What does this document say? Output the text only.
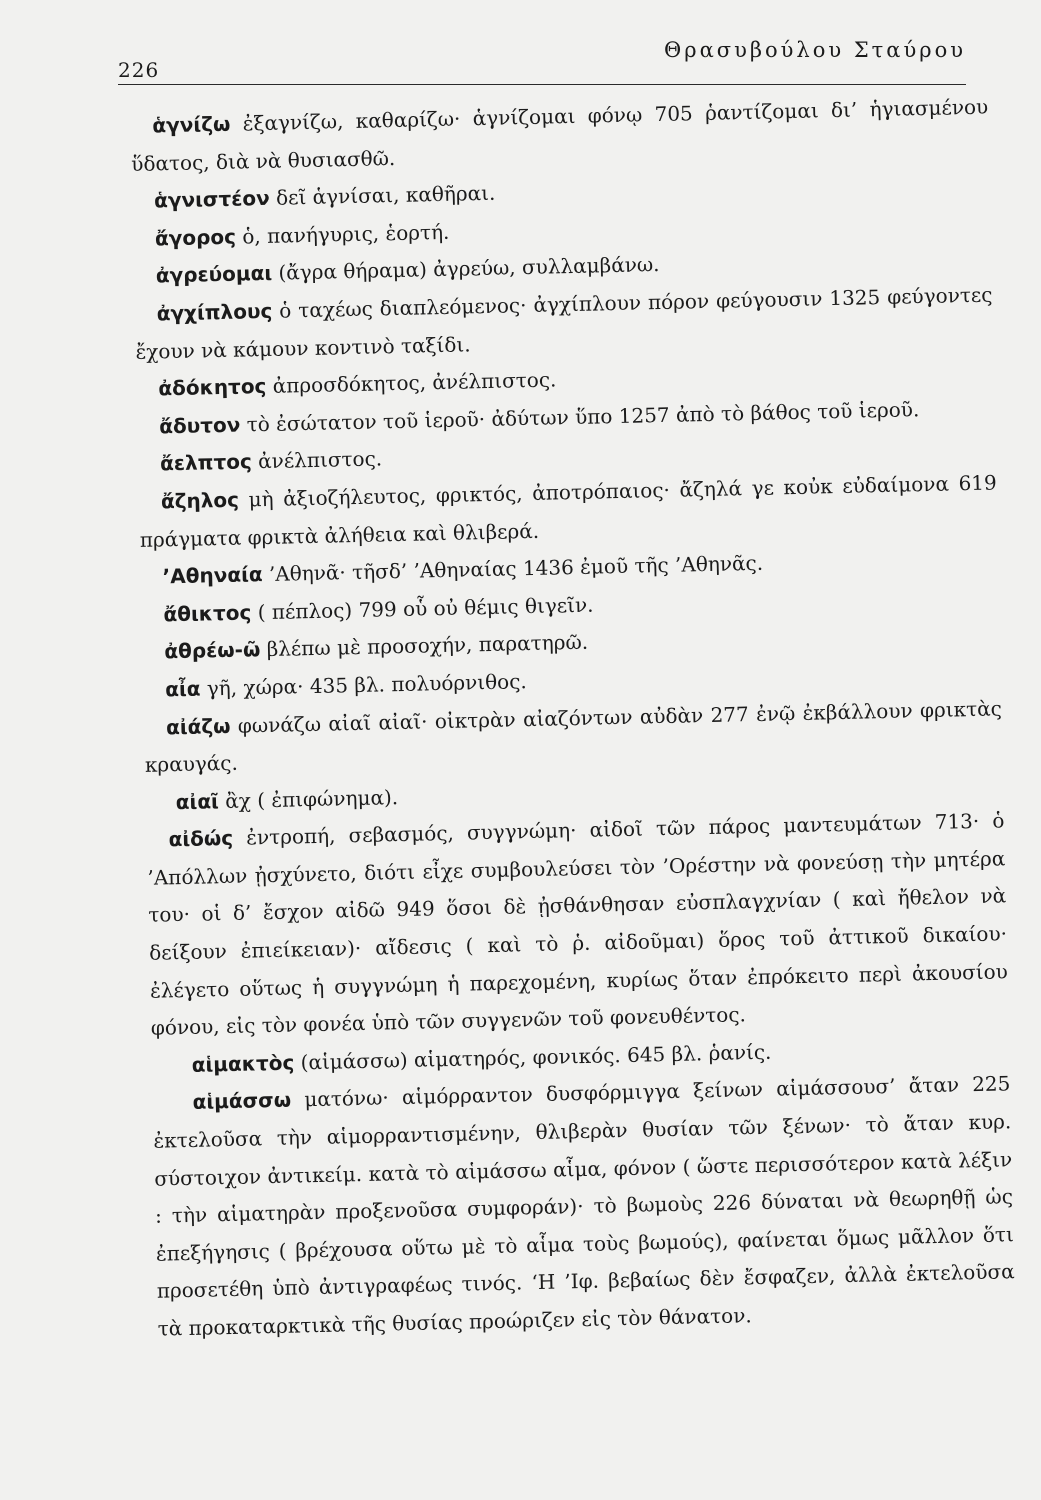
226
Θρασυβούλου Σταύρου

ἁγνίζω ἐξαγνίζω, καθαρίζω· ἁγνίζομαι φόνῳ 705 ῥαντίζομαι δι’ ἡγιασμένου ὕδατος, διὰ νὰ θυσιασθῶ.

ἁγνιστέον δεῖ ἁγνίσαι, καθῆραι.

ἄγορος ὁ, πανήγυρις, ἑορτή.

ἀγρεύομαι (ἄγρα θήραμα) ἀγρεύω, συλλαμβάνω.

ἀγχίπλους ὁ ταχέως διαπλεόμενος· ἀγχίπλουν πόρον φεύγουσιν 1325 φεύγοντες ἔχουν νὰ κάμουν κοντινὸ ταξίδι.

ἀδόκητος ἀπροσδόκητος, ἀνέλπιστος.

ἄδυτον τὸ ἐσώτατον τοῦ ἱεροῦ· ἀδύτων ὕπο 1257 ἀπὸ τὸ βάθος τοῦ ἱεροῦ.

ἄελπτος ἀνέλπιστος.

ἄζηλος μὴ ἀξιοζήλευτος, φρικτός, ἀποτρόπαιος· ἄζηλά γε κοὐκ εὐδαίμονα 619 πράγματα φρικτὰ ἀλήθεια καὶ θλιβερά.

’Αθηναία ’Αθηνᾶ· τῆσδ’ ’Αθηναίας 1436 ἐμοῦ τῆς ’Αθηνᾶς.

ἄθικτος ( πέπλος) 799 οὗ οὐ θέμις θιγεῖν.

ἀθρέω-ῶ βλέπω μὲ προσοχήν, παρατηρῶ.

αἶα γῆ, χώρα· 435 βλ. πολυόρνιθος.

αἰάζω φωνάζω αἰαῖ αἰαῖ· οἰκτρὰν αἰαζόντων αὐδὰν 277 ἐνῷ ἐκβάλλουν φρικτὰς κραυγάς.

αἰαῖ ἂχ ( ἐπιφώνημα).

αἰδώς ἐντροπή, σεβασμός, συγγνώμη· αἰδοῖ τῶν πάρος μαντευμάτων 713· ὁ ’Απόλλων ᾐσχύνετο, διότι εἶχε συμβουλεύσει τὸν ’Ορέστην νὰ φονεύσῃ τὴν μητέρα του· οἱ δ’ ἔσχον αἰδῶ 949 ὅσοι δὲ ᾐσθάνθησαν εὐσπλαγχνίαν ( καὶ ἤθελον νὰ δείξουν ἐπιείκειαν)· αἴδεσις ( καὶ τὸ ῥ. αἰδοῦμαι) ὅρος τοῦ ἀττικοῦ δικαίου· ἐλέγετο οὕτως ἡ συγγνώμη ἡ παρεχομένη, κυρίως ὅταν ἐπρόκειτο περὶ ἀκουσίου φόνου, εἰς τὸν φονέα ὑπὸ τῶν συγγενῶν τοῦ φονευθέντος.

αἱμακτὸς (αἱμάσσω) αἱματηρός, φονικός. 645 βλ. ῥανίς.

αἱμάσσω ματόνω· αἱμόρραντον δυσφόρμιγγα ξείνων αἱμάσσουσ’ ἄταν 225 ἐκτελοῦσα τὴν αἱμορραντισμένην, θλιβερὰν θυσίαν τῶν ξένων· τὸ ἄταν κυρ. σύστοιχον ἀντικείμ. κατὰ τὸ αἱμάσσω αἷμα, φόνον ( ὥστε περισσότερον κατὰ λέξιν : τὴν αἱματηρὰν προξενοῦσα συμφοράν)· τὸ βωμοὺς 226 δύναται νὰ θεωρηθῇ ὡς ἐπεξήγησις ( βρέχουσα οὕτω μὲ τὸ αἷμα τοὺς βωμούς), φαίνεται ὅμως μᾶλλον ὅτι προσετέθη ὑπὸ ἀντιγραφέως τινός. ‘Η ’Ιφ. βεβαίως δὲν ἔσφαζεν, ἀλλὰ ἐκτελοῦσα τὰ προκαταρκτικὰ τῆς θυσίας προώριζεν εἰς τὸν θάνατον.
